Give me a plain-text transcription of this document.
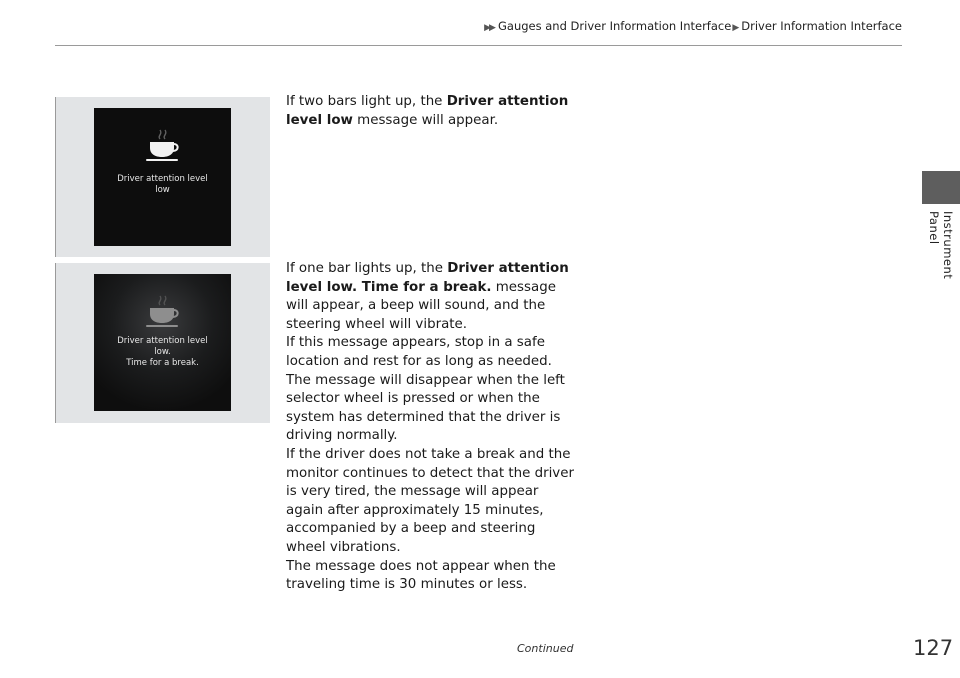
▶▶ Gauges and Driver Information Interface▶ Driver Information Interface
Instrument Panel
Driver attention level
low
Driver attention level
low.
Time for a break.

If two bars light up, the Driver attention level low message will appear.

If one bar lights up, the Driver attention level low. Time for a break. message will appear, a beep will sound, and the steering wheel will vibrate.

If this message appears, stop in a safe location and rest for as long as needed.

The message will disappear when the left selector wheel is pressed or when the system has determined that the driver is driving normally.

If the driver does not take a break and the monitor continues to detect that the driver is very tired, the message will appear again after approximately 15 minutes, accompanied by a beep and steering wheel vibrations.

The message does not appear when the traveling time is 30 minutes or less.

Continued	127
